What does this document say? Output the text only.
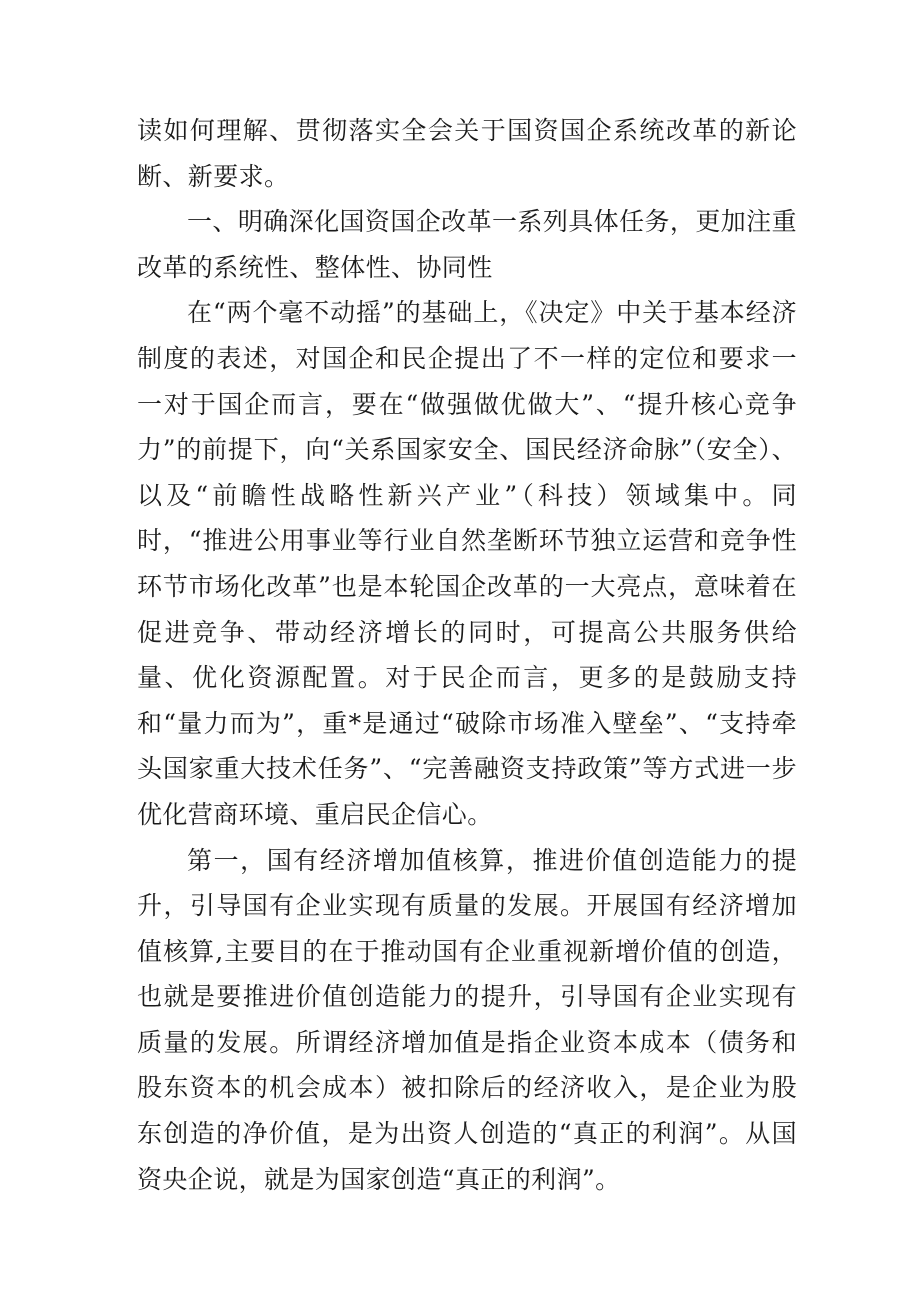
读如何理解、贯彻落实全会关于国资国企系统改革的新论断、新要求。

一、明确深化国资国企改革一系列具体任务，更加注重改革的系统性、整体性、协同性

在“两个毫不动摇”的基础上，《决定》中关于基本经济制度的表述，对国企和民企提出了不一样的定位和要求一一对于国企而言，要在“做强做优做大”、“提升核心竞争力”的前提下，向“关系国家安全、国民经济命脉”（安全）、以及“前瞻性战略性新兴产业”（科技）领域集中。同时，“推进公用事业等行业自然垄断环节独立运营和竞争性环节市场化改革”也是本轮国企改革的一大亮点，意味着在促进竞争、带动经济增长的同时，可提高公共服务供给量、优化资源配置。对于民企而言，更多的是鼓励支持和“量力而为”，重*是通过“破除市场准入壁垒”、“支持牵头国家重大技术任务”、“完善融资支持政策”等方式进一步优化营商环境、重启民企信心。

第一，国有经济增加值核算，推进价值创造能力的提升，引导国有企业实现有质量的发展。开展国有经济增加值核算,主要目的在于推动国有企业重视新增价值的创造，也就是要推进价值创造能力的提升，引导国有企业实现有质量的发展。所谓经济增加值是指企业资本成本（债务和股东资本的机会成本）被扣除后的经济收入，是企业为股东创造的净价值，是为出资人创造的“真正的利润”。从国资央企说，就是为国家创造“真正的利润”。
